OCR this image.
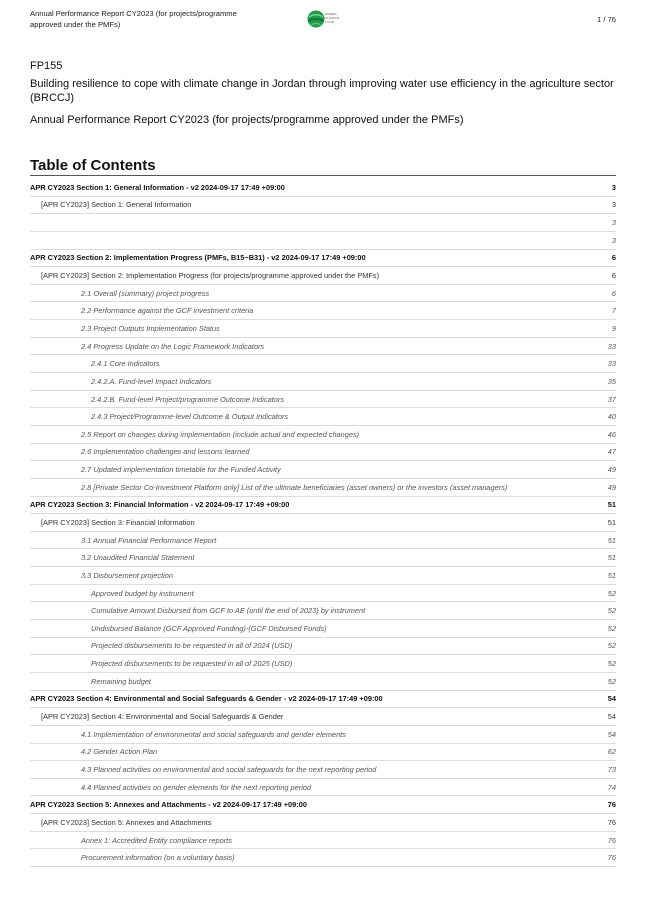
Annual Performance Report CY2023 (for projects/programme approved under the PMFs)
GREEN CLIMATE FUND	1 / 76
FP155
Building resilience to cope with climate change in Jordan through improving water use efficiency in the agriculture sector (BRCCJ)
Annual Performance Report CY2023 (for projects/programme approved under the PMFs)
Table of Contents
APR CY2023 Section 1: General Information - v2 2024-09-17 17:49 +09:00	3
[APR CY2023] Section 1: General Information	3
3
3
APR CY2023 Section 2: Implementation Progress (PMFs, B15~B31) - v2 2024-09-17 17:49 +09:00	6
[APR CY2023] Section 2: Implementation Progress (for projects/programme approved under the PMFs)	6
2.1 Overall (summary) project progress	6
2.2 Performance against the GCF investment criteria	7
2.3 Project Outputs Implementation Status	9
2.4 Progress Update on the Logic Framework Indicators	33
2.4.1 Core Indicators	33
2.4.2.A. Fund-level Impact Indicators	35
2.4.2.B. Fund-level Project/programme Outcome Indicators	37
2.4.3 Project/Programme-level Outcome & Output Indicators	40
2.5 Report on changes during implementation (include actual and expected changes)	46
2.6 Implementation challenges and lessons learned	47
2.7 Updated implementation timetable for the Funded Activity	49
2.8 [Private Sector Co-Investment Platform only] List of the ultimate beneficiaries (asset owners) or the investors (asset managers)	49
APR CY2023 Section 3: Financial Information - v2 2024-09-17 17:49 +09:00	51
[APR CY2023] Section 3: Financial Information	51
3.1 Annual Financial Performance Report	51
3.2 Unaudited Financial Statement	51
3.3 Disbursement projection	51
Approved budget by instrument	52
Cumulative Amount Disbursed from GCF to AE (until the end of 2023) by instrument	52
Undisbursed Balance (GCF Approved Funding)-(GCF Disbursed Funds)	52
Projected disbursements to be requested in all of 2024 (USD)	52
Projected disbursements to be requested in all of 2025 (USD)	52
Remaining budget	52
APR CY2023 Section 4: Environmental and Social Safeguards & Gender - v2 2024-09-17 17:49 +09:00	54
[APR CY2023] Section 4: Environmental and Social Safeguards & Gender	54
4.1 Implementation of environmental and social safeguards and gender elements	54
4.2 Gender Action Plan	62
4.3 Planned activities on environmental and social safeguards for the next reporting period	73
4.4 Planned activities on gender elements for the next reporting period	74
APR CY2023 Section 5: Annexes and Attachments - v2 2024-09-17 17:49 +09:00	76
[APR CY2023] Section 5: Annexes and Attachments	76
Annex 1: Accredited Entity compliance reports	76
Procurement information (on a voluntary basis)	76
